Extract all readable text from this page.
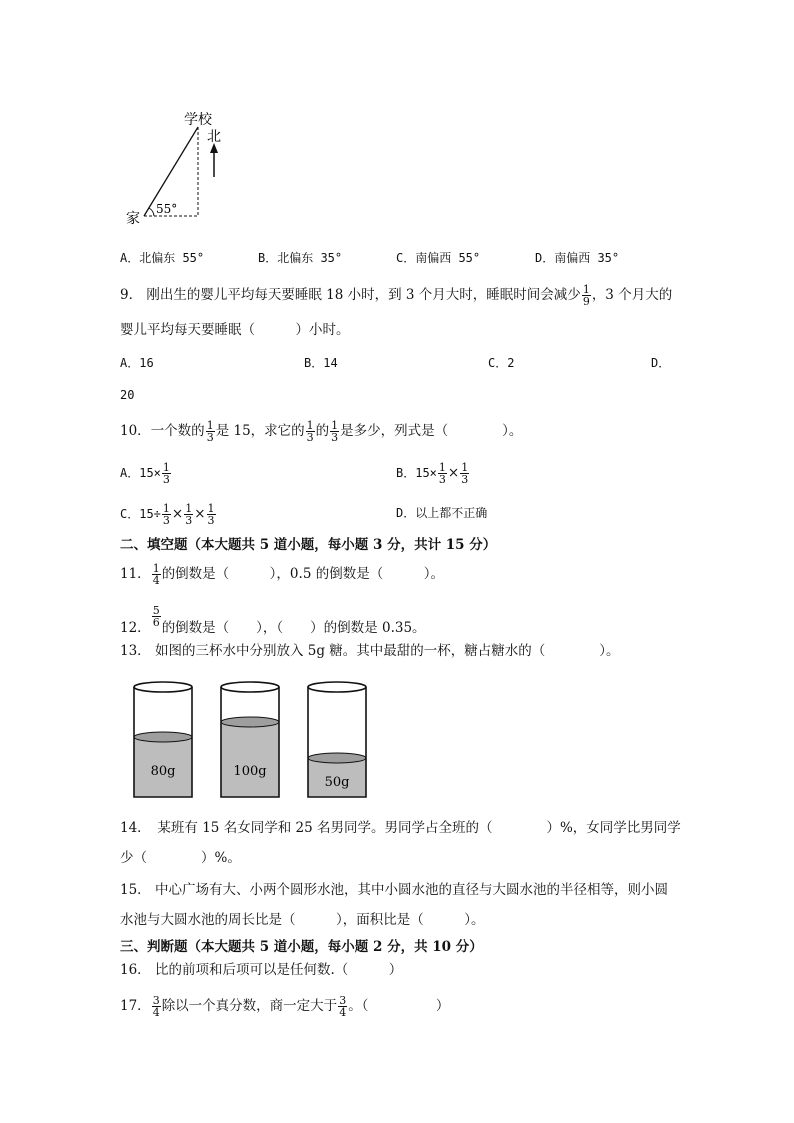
学校
北
家
55°
A．北偏东 55°	B．北偏东 35°	C．南偏西 55°	D．南偏西 35°
9． 刚出生的婴儿平均每天要睡眠 18 小时，到 3 个月大时，睡眠时间会减少 $\frac{1}{9}$ ，3 个月大的
婴儿平均每天要睡眠（　　　）小时。
A．16	B．14	C．2	D．
20
10．一个数的 $\frac{1}{3}$ 是 15，求它的 $\frac{1}{3}$ 的 $\frac{1}{3}$ 是多少，列式是（　　　　）。
A．$15\times \frac{1}{3}$	B．$15\times \frac{1}{3} \times \frac{1}{3}$
C．$15\div \frac{1}{3} \times \frac{1}{3} \times \frac{1}{3}$	D．以上都不正确
二、填空题（本大题共 5 道小题，每小题 3 分，共计 15 分）
11． $\frac{1}{4}$ 的倒数是（　　　），0.5 的倒数是（　　　）。
12． $\frac{5}{6}$ 的倒数是（　　），（　　）的倒数是 0.35。
13． 如图的三杯水中分别放入 5g 糖。其中最甜的一杯，糖占糖水的（　　　　）。
80g	100g
50g
14．　某班有 15 名女同学和 25 名男同学。男同学占全班的（　　　　）%，女同学比男同学
少（　　　　）%。
15． 中心广场有大、小两个圆形水池，其中小圆水池的直径与大圆水池的半径相等，则小圆
水池与大圆水池的周长比是（　　　），面积比是（　　　）。
三、判断题（本大题共 5 道小题，每小题 2 分，共 10 分）
16． 比的前项和后项可以是任何数.（　　　）
17． $\frac{3}{4}$ 除以一个真分数，商一定大于 $\frac{3}{4}$ 。（　　　　　）
